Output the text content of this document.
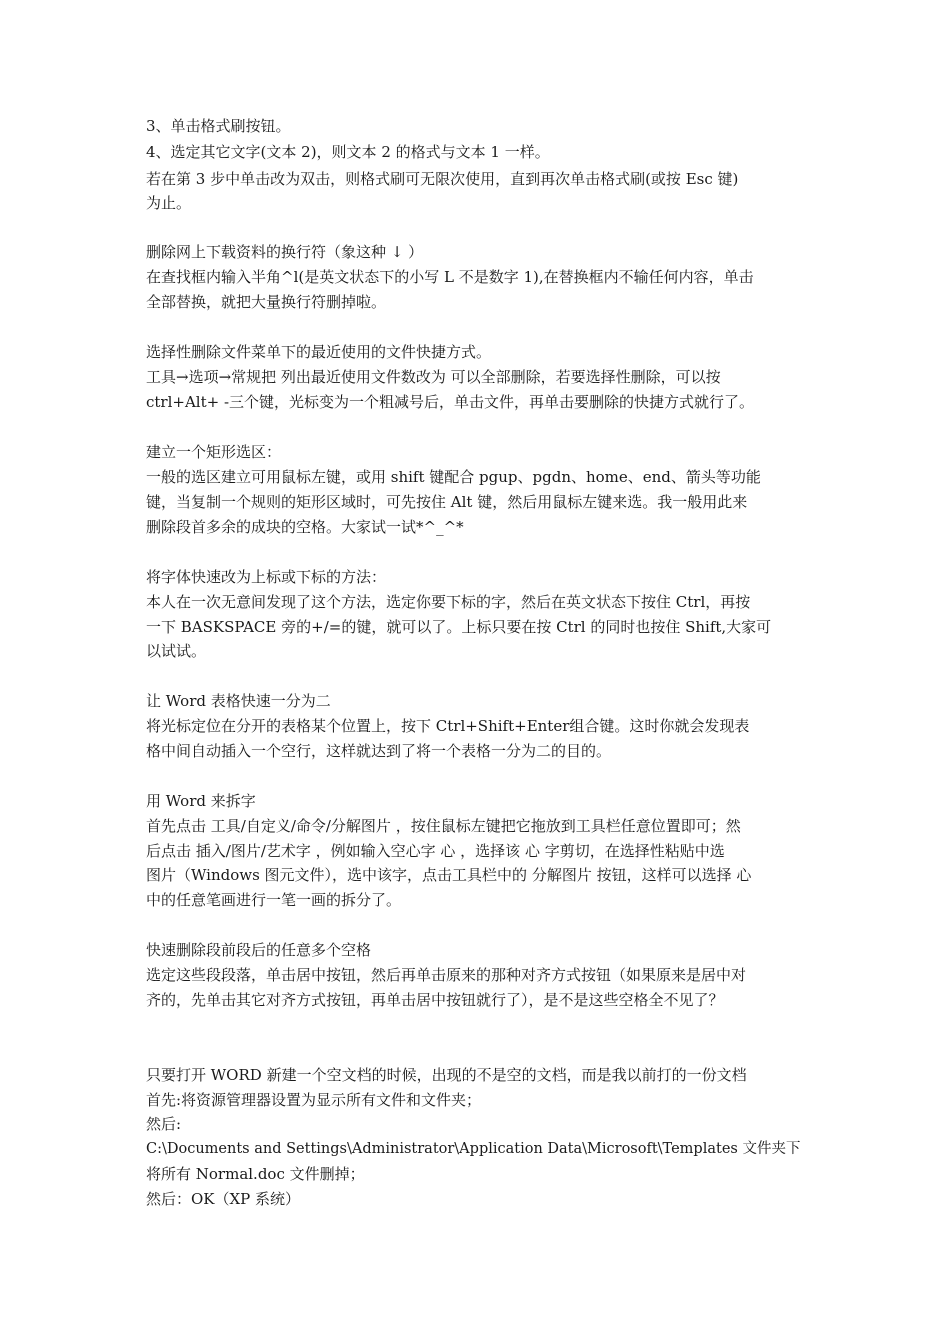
3、单击格式刷按钮。
4、选定其它文字(文本 2)，则文本 2 的格式与文本 1 一样。
若在第 3 步中单击改为双击，则格式刷可无限次使用，直到再次单击格式刷(或按 Esc 键)
为止。
删除网上下载资料的换行符（象这种 ↓ ）
在查找框内输入半角^l(是英文状态下的小写 L 不是数字 1),在替换框内不输任何内容，单击
全部替换，就把大量换行符删掉啦。
选择性删除文件菜单下的最近使用的文件快捷方式。
工具→选项→常规把 列出最近使用文件数改为 可以全部删除，若要选择性删除，可以按
ctrl+Alt+ -三个键，光标变为一个粗减号后，单击文件，再单击要删除的快捷方式就行了。
建立一个矩形选区：
一般的选区建立可用鼠标左键，或用 shift 键配合 pgup、pgdn、home、end、箭头等功能
键，当复制一个规则的矩形区域时，可先按住 Alt 键，然后用鼠标左键来选。我一般用此来
删除段首多余的成块的空格。大家试一试*^_^*
将字体快速改为上标或下标的方法：
本人在一次无意间发现了这个方法，选定你要下标的字，然后在英文状态下按住 Ctrl，再按
一下 BASKSPACE 旁的+/=的键，就可以了。上标只要在按 Ctrl 的同时也按住 Shift,大家可
以试试。
让 Word 表格快速一分为二
将光标定位在分开的表格某个位置上，按下 Ctrl+Shift+Enter组合键。这时你就会发现表
格中间自动插入一个空行，这样就达到了将一个表格一分为二的目的。
用 Word 来拆字
首先点击 工具/自定义/命令/分解图片 ，按住鼠标左键把它拖放到工具栏任意位置即可；然
后点击 插入/图片/艺术字 ，例如输入空心字 心 ，选择该 心 字剪切，在选择性粘贴中选
图片（Windows 图元文件），选中该字，点击工具栏中的 分解图片 按钮，这样可以选择 心
中的任意笔画进行一笔一画的拆分了。
快速删除段前段后的任意多个空格
选定这些段段落，单击居中按钮，然后再单击原来的那种对齐方式按钮（如果原来是居中对
齐的，先单击其它对齐方式按钮，再单击居中按钮就行了），是不是这些空格全不见了？
只要打开 WORD 新建一个空文档的时候，出现的不是空的文档，而是我以前打的一份文档
首先:将资源管理器设置为显示所有文件和文件夹；
然后:
C:\Documents and Settings\Administrator\Application Data\Microsoft\Templates 文件夹下
将所有 Normal.doc 文件删掉；
然后：OK（XP 系统）
